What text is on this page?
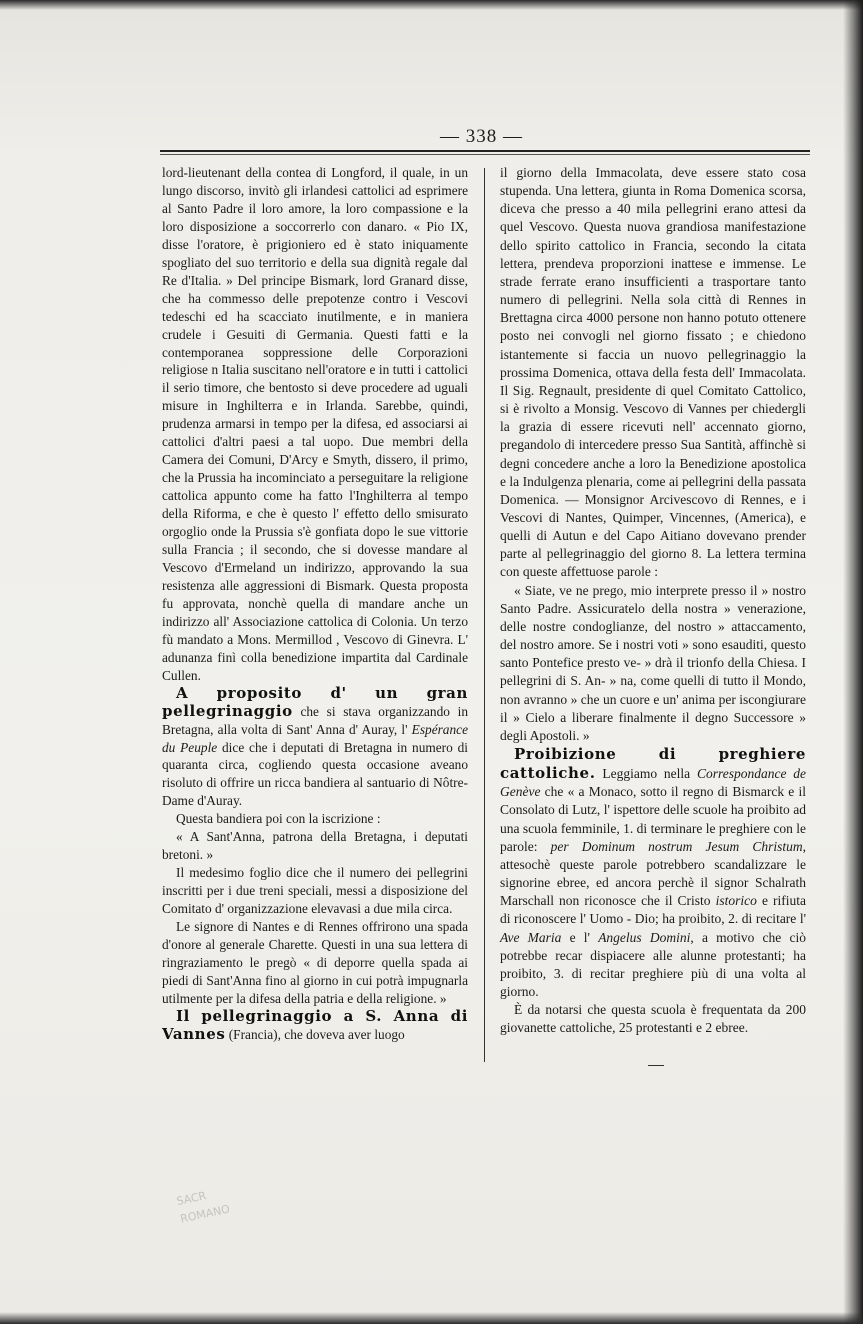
— 338 —

lord-lieutenant della contea di Longford, il quale, in un lungo discorso, invitò gli irlandesi cattolici ad esprimere al Santo Padre il loro amore, la loro compassione e la loro disposizione a soccorrerlo con danaro. « Pio IX, disse l'oratore, è prigioniero ed è stato iniquamente spogliato del suo territorio e della sua dignità regale dal Re d'Italia. » Del principe Bismark, lord Granard disse, che ha commesso delle prepotenze contro i Vescovi tedeschi ed ha scacciato inutilmente, e in maniera crudele i Gesuiti di Germania. Questi fatti e la contemporanea soppressione delle Corporazioni religiose n Italia suscitano nell'oratore e in tutti i cattolici il serio timore, che bentosto si deve procedere ad uguali misure in Inghilterra e in Irlanda. Sarebbe, quindi, prudenza armarsi in tempo per la difesa, ed associarsi ai cattolici d'altri paesi a tal uopo. Due membri della Camera dei Comuni, D'Arcy e Smyth, dissero, il primo, che la Prussia ha incominciato a perseguitare la religione cattolica appunto come ha fatto l'Inghilterra al tempo della Riforma, e che è questo l' effetto dello smisurato orgoglio onde la Prussia s'è gonfiata dopo le sue vittorie sulla Francia ; il secondo, che si dovesse mandare al Vescovo d'Ermeland un indirizzo, approvando la sua resistenza alle aggressioni di Bismark. Questa proposta fu approvata, nonchè quella di mandare anche un indirizzo all' Associazione cattolica di Colonia. Un terzo fù mandato a Mons. Mermillod , Vescovo di Ginevra. L' adunanza finì colla benedizione impartita dal Cardinale Cullen.

A proposito d' un gran pellegrinaggio che si stava organizzando in Bretagna, alla volta di Sant' Anna d' Auray, l' Espérance du Peuple dice che i deputati di Bretagna in numero di quaranta circa, cogliendo questa occasione aveano risoluto di offrire un ricca bandiera al santuario di Nôtre-Dame d'Auray.

Questa bandiera poi con la iscrizione :

« A Sant'Anna, patrona della Bretagna, i deputati bretoni. »

Il medesimo foglio dice che il numero dei pellegrini inscritti per i due treni speciali, messi a disposizione del Comitato d' organizzazione elevavasi a due mila circa.

Le signore di Nantes e di Rennes offrirono una spada d'onore al generale Charette. Questi in una sua lettera di ringraziamento le pregò « di deporre quella spada ai piedi di Sant'Anna fino al giorno in cui potrà impugnarla utilmente per la difesa della patria e della religione. »

Il pellegrinaggio a S. Anna di Vannes (Francia), che doveva aver luogo

il giorno della Immacolata, deve essere stato cosa stupenda. Una lettera, giunta in Roma Domenica scorsa, diceva che presso a 40 mila pellegrini erano attesi da quel Vescovo. Questa nuova grandiosa manifestazione dello spirito cattolico in Francia, secondo la citata lettera, prendeva proporzioni inattese e immense. Le strade ferrate erano insufficienti a trasportare tanto numero di pellegrini. Nella sola città di Rennes in Brettagna circa 4000 persone non hanno potuto ottenere posto nei convogli nel giorno fissato ; e chiedono istantemente si faccia un nuovo pellegrinaggio la prossima Domenica, ottava della festa dell' Immacolata. Il Sig. Regnault, presidente di quel Comitato Cattolico, si è rivolto a Monsig. Vescovo di Vannes per chiedergli la grazia di essere ricevuti nell' accennato giorno, pregandolo di intercedere presso Sua Santità, affinchè si degni concedere anche a loro la Benedizione apostolica e la Indulgenza plenaria, come ai pellegrini della passata Domenica. — Monsignor Arcivescovo di Rennes, e i Vescovi di Nantes, Quimper, Vincennes, (America), e quelli di Autun e del Capo Aitiano dovevano prender parte al pellegrinaggio del giorno 8. La lettera termina con queste affettuose parole :

« Siate, ve ne prego, mio interprete presso il » nostro Santo Padre. Assicuratelo della nostra » venerazione, delle nostre condoglianze, del nostro » attaccamento, del nostro amore. Se i nostri voti » sono esauditi, questo santo Pontefice presto ve- » drà il trionfo della Chiesa. I pellegrini di S. An- » na, come quelli di tutto il Mondo, non avranno » che un cuore e un' anima per iscongiurare il » Cielo a liberare finalmente il degno Successore » degli Apostoli. »

Proibizione di preghiere cattoliche. Leggiamo nella Correspondance de Genève che « a Monaco, sotto il regno di Bismarck e il Consolato di Lutz, l' ispettore delle scuole ha proibito ad una scuola femminile, 1. di terminare le preghiere con le parole: per Dominum nostrum Jesum Christum, attesochè queste parole potrebbero scandalizzare le signorine ebree, ed ancora perchè il signor Schalrath Marschall non riconosce che il Cristo istorico e rifiuta di riconoscere l' Uomo - Dio; ha proibito, 2. di recitare l' Ave Maria e l' Angelus Domini, a motivo che ciò potrebbe recar dispiacere alle alunne protestanti; ha proibito, 3. di recitar preghiere più di una volta al giorno.

È da notarsi che questa scuola è frequentata da 200 giovanette cattoliche, 25 protestanti e 2 ebree.

SACR
ROMANO
